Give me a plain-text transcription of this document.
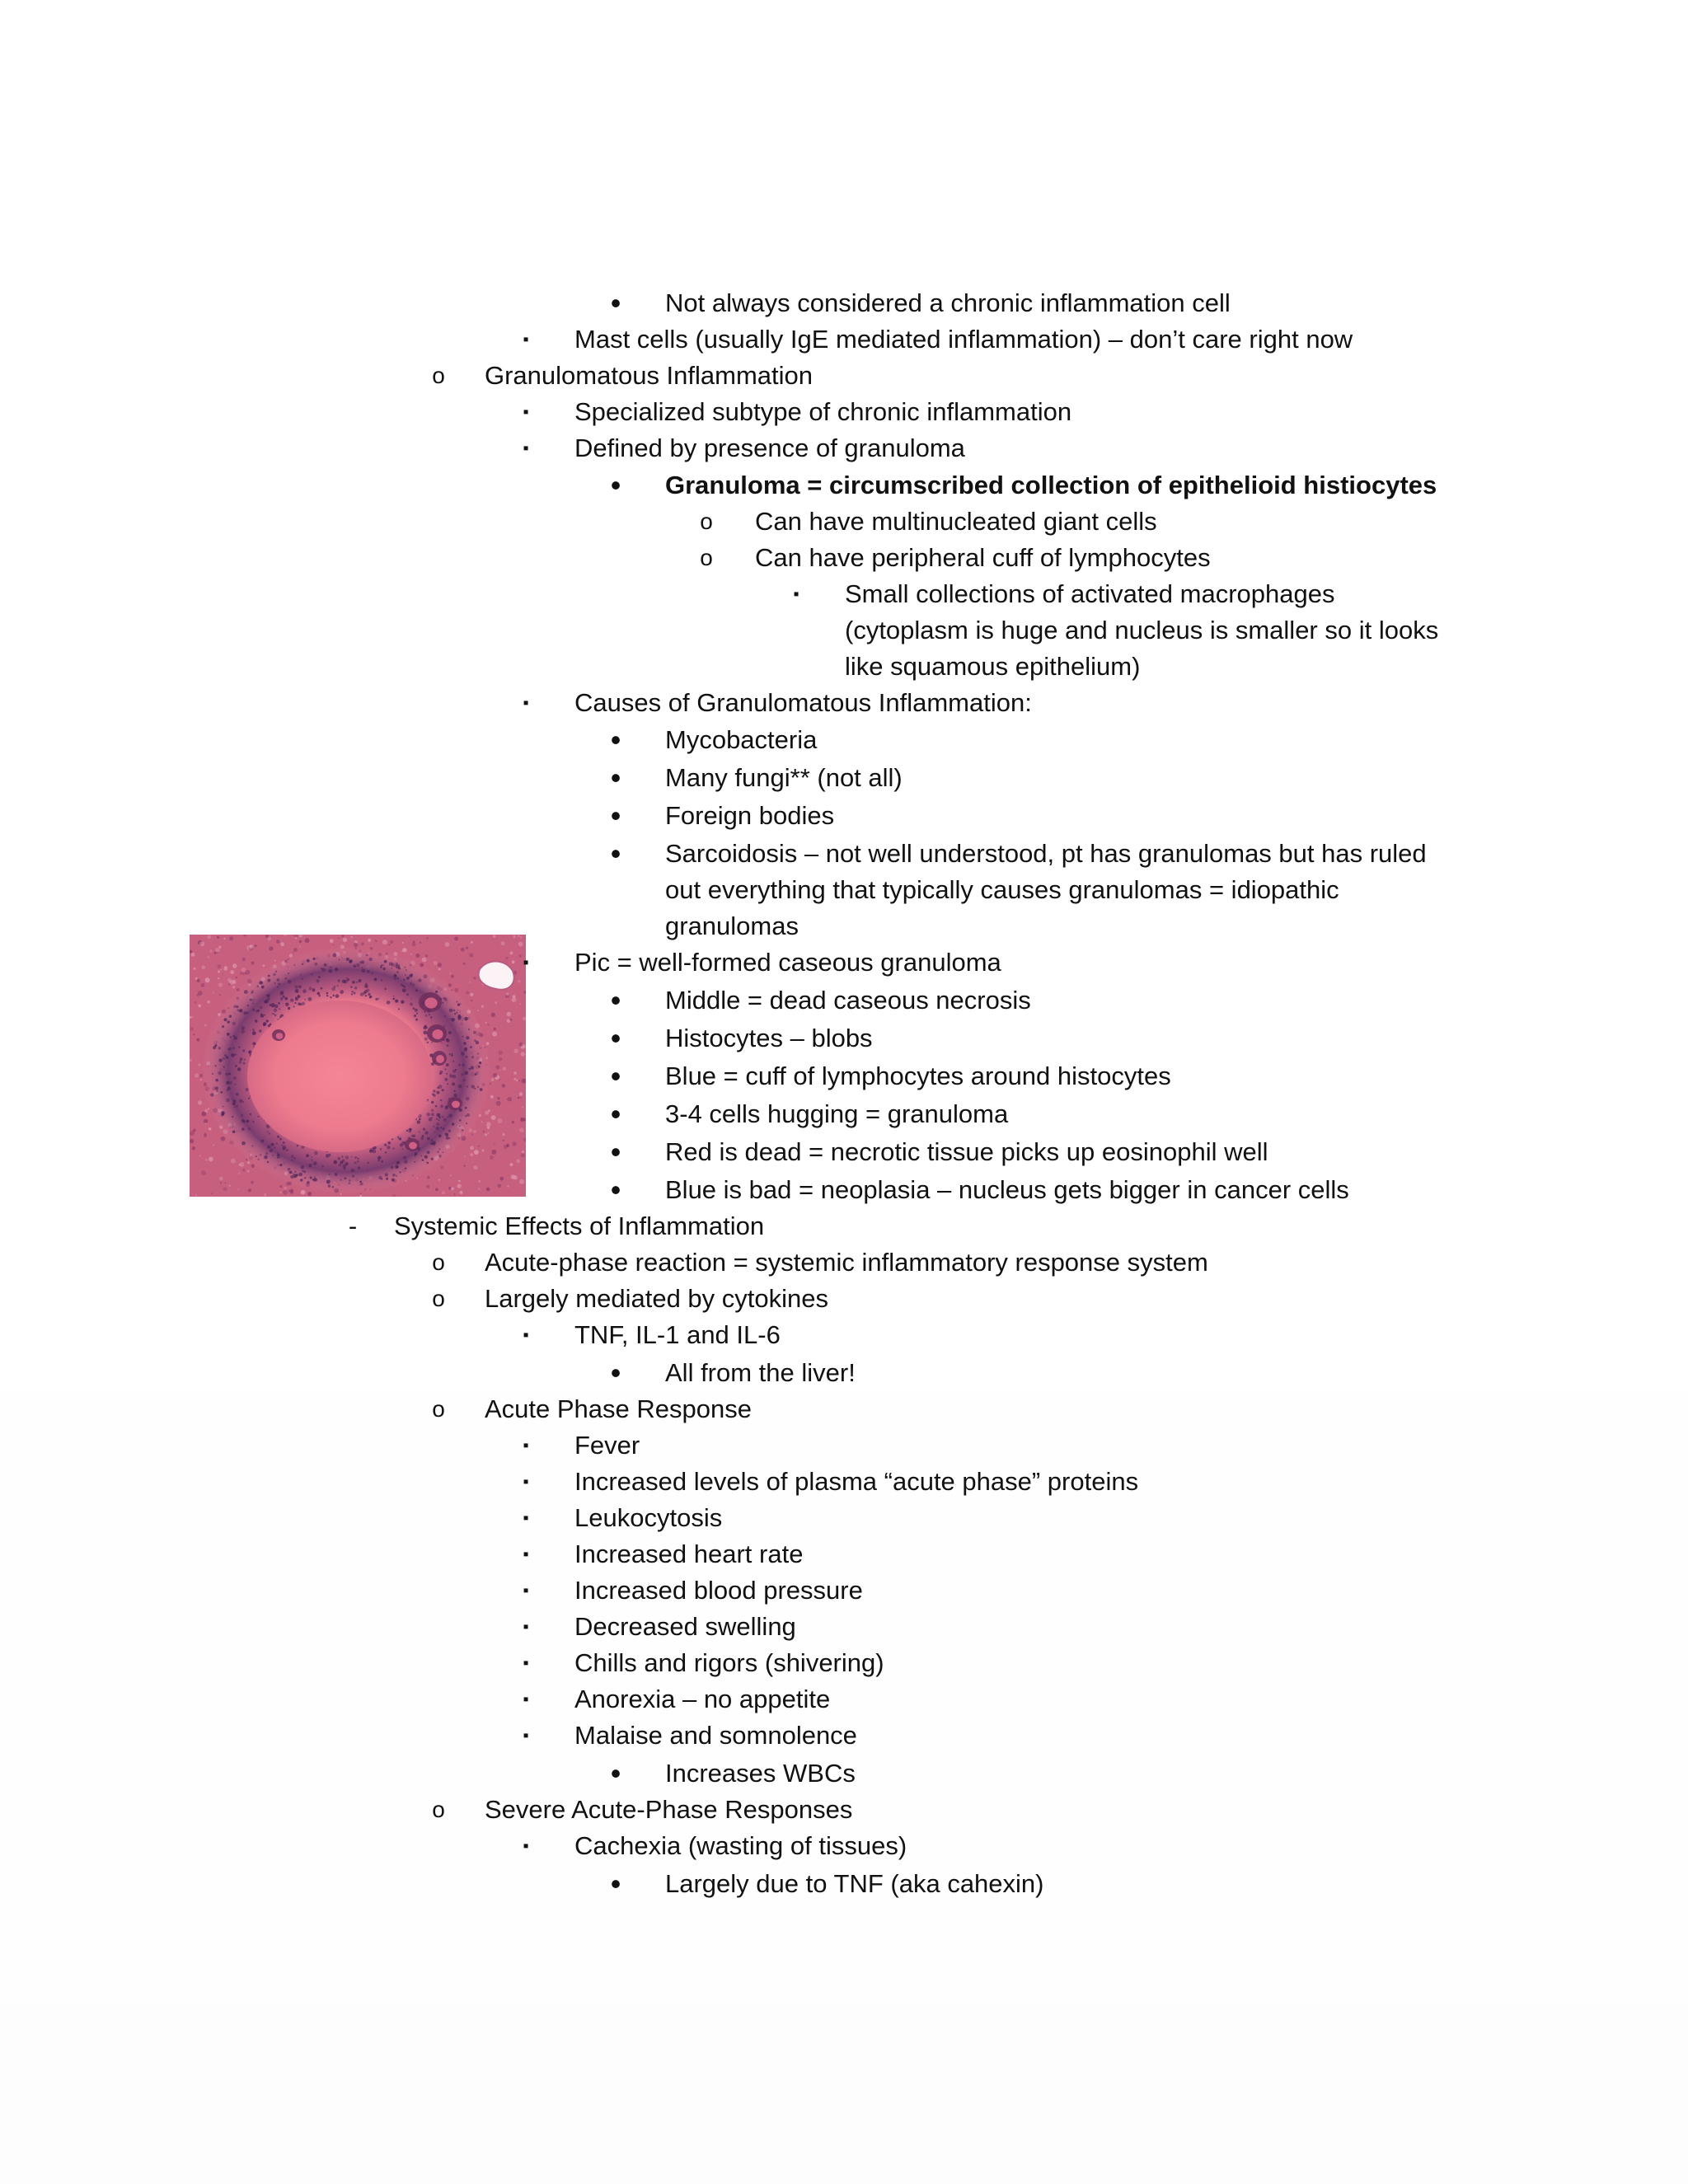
• Not always considered a chronic inflammation cell
▪	Mast cells (usually IgE mediated inflammation) – don’t care right now
o Granulomatous Inflammation
▪	Specialized subtype of chronic inflammation
▪	Defined by presence of granuloma
• Granuloma = circumscribed collection of epithelioid histiocytes
o Can have multinucleated giant cells
o Can have peripheral cuff of lymphocytes
▪	Small collections of activated macrophages
(cytoplasm is huge and nucleus is smaller so it looks
like squamous epithelium)
▪	Causes of Granulomatous Inflammation:
• Mycobacteria
• Many fungi** (not all)
• Foreign bodies
• Sarcoidosis – not well understood, pt has granulomas but has ruled
out everything that typically causes granulomas = idiopathic
granulomas
▪	Pic = well-formed caseous granuloma
• Middle = dead caseous necrosis
• Histocytes – blobs
• Blue = cuff of lymphocytes around histocytes
• 3-4 cells hugging = granuloma
• Red is dead = necrotic tissue picks up eosinophil well
• Blue is bad = neoplasia – nucleus gets bigger in cancer cells
-	Systemic Effects of Inflammation
o Acute-phase reaction = systemic inflammatory response system
o Largely mediated by cytokines
▪	TNF, IL-1 and IL-6
• All from the liver!
o Acute Phase Response
▪	Fever
▪	Increased levels of plasma “acute phase” proteins
▪	Leukocytosis
▪	Increased heart rate
▪	Increased blood pressure
▪	Decreased swelling
▪	Chills and rigors (shivering)
▪	Anorexia – no appetite
▪	Malaise and somnolence
• Increases WBCs
o Severe Acute-Phase Responses
▪	Cachexia (wasting of tissues)
• Largely due to TNF (aka cahexin)
